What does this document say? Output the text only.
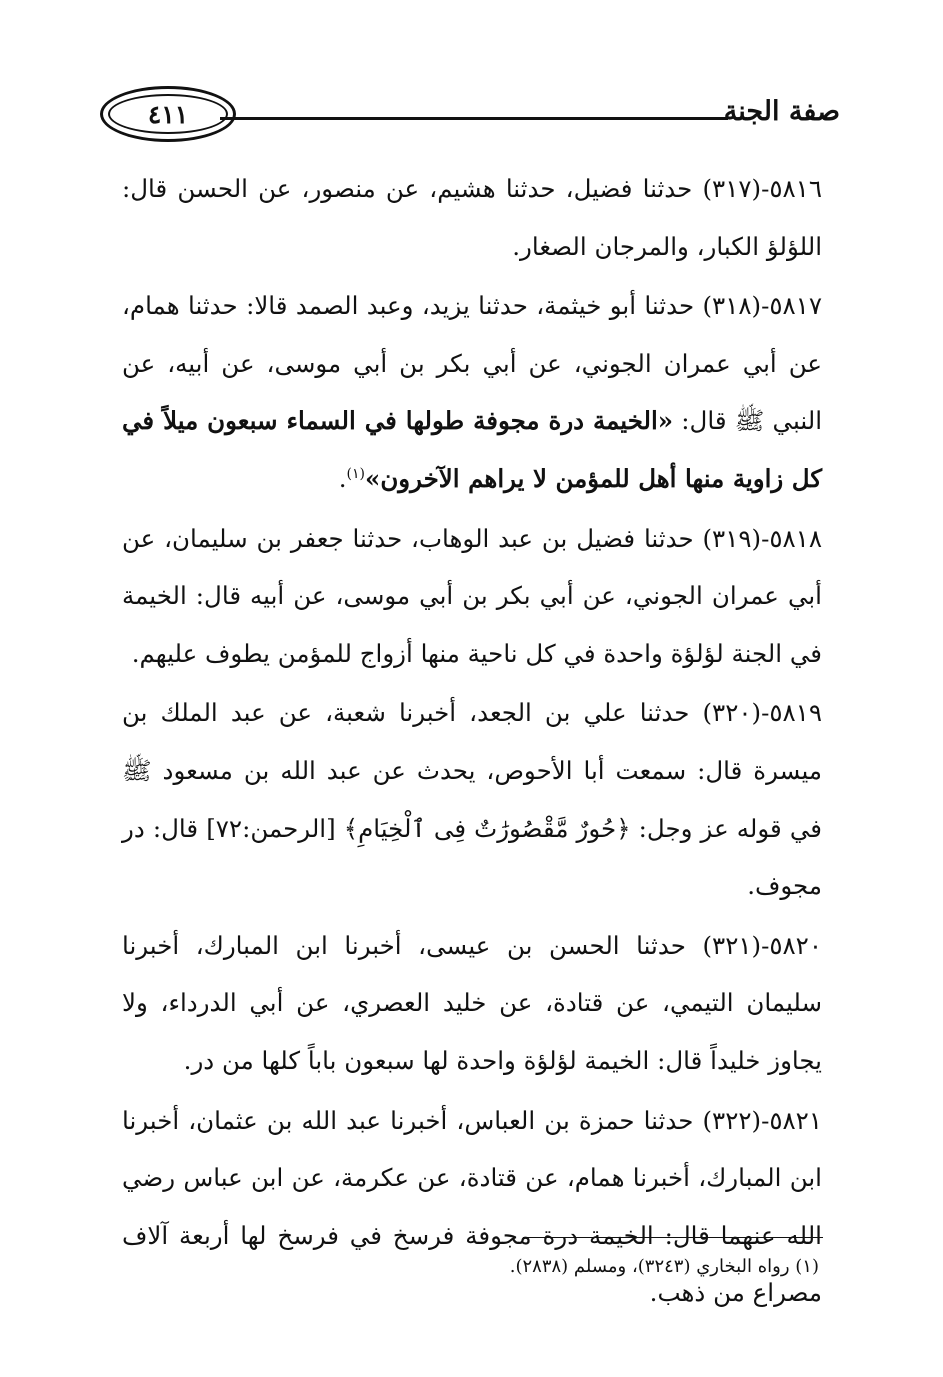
٤١١	صفة الجنة

٥٨١٦-(٣١٧) حدثنا فضيل، حدثنا هشيم، عن منصور، عن الحسن قال: اللؤلؤ الكبار، والمرجان الصغار.

٥٨١٧-(٣١٨) حدثنا أبو خيثمة، حدثنا يزيد، وعبد الصمد قالا: حدثنا همام، عن أبي عمران الجوني، عن أبي بكر بن أبي موسى، عن أبيه، عن النبي ﷺ قال: «الخيمة درة مجوفة طولها في السماء سبعون ميلاً في كل زاوية منها أهل للمؤمن لا يراهم الآخرون»$^{(١)}$.

٥٨١٨-(٣١٩) حدثنا فضيل بن عبد الوهاب، حدثنا جعفر بن سليمان، عن أبي عمران الجوني، عن أبي بكر بن أبي موسى، عن أبيه قال: الخيمة في الجنة لؤلؤة واحدة في كل ناحية منها أزواج للمؤمن يطوف عليهم.

٥٨١٩-(٣٢٠) حدثنا علي بن الجعد، أخبرنا شعبة، عن عبد الملك بن ميسرة قال: سمعت أبا الأحوص، يحدث عن عبد الله بن مسعود ﷺ في قوله عز وجل: ﴿حُورٌ مَّقْصُورَٰتٌ فِى ٱلْخِيَامِ﴾ [الرحمن:٧٢] قال: در مجوف.

٥٨٢٠-(٣٢١) حدثنا الحسن بن عيسى، أخبرنا ابن المبارك، أخبرنا سليمان التيمي، عن قتادة، عن خليد العصري، عن أبي الدرداء، ولا يجاوز خليداً قال: الخيمة لؤلؤة واحدة لها سبعون باباً كلها من در.

٥٨٢١-(٣٢٢) حدثنا حمزة بن العباس، أخبرنا عبد الله بن عثمان، أخبرنا ابن المبارك، أخبرنا همام، عن قتادة، عن عكرمة، عن ابن عباس رضي الله عنهما قال: الخيمة درة مجوفة فرسخ في فرسخ لها أربعة آلاف مصراع من ذهب.

(١) رواه البخاري (٣٢٤٣)، ومسلم (٢٨٣٨).
